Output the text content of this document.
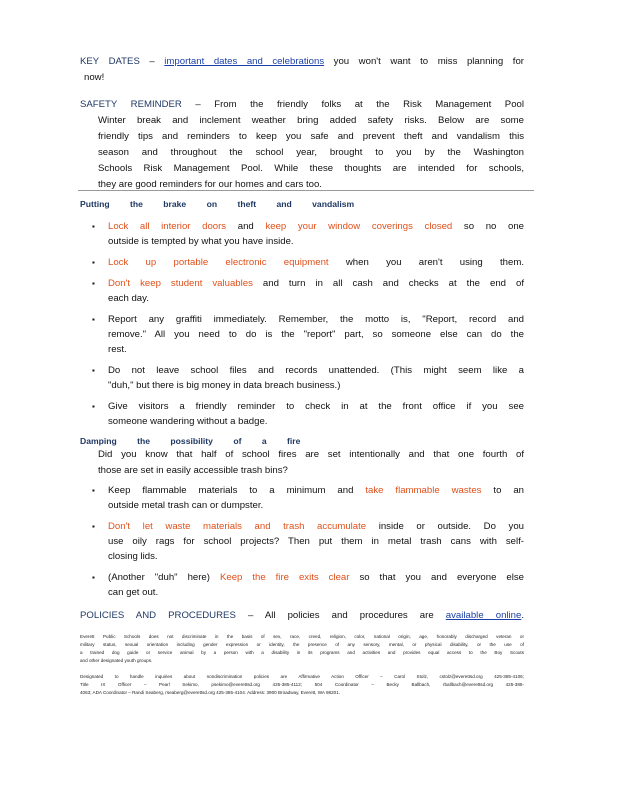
KEY DATES – important dates and celebrations you won't want to miss planning for
now!
SAFETY REMINDER – From the friendly folks at the Risk Management Pool
Winter break and inclement weather bring added safety risks. Below are some
friendly tips and reminders to keep you safe and prevent theft and vandalism this
season and throughout the school year, brought to you by the Washington
Schools Risk Management Pool. While these thoughts are intended for schools,
they are good reminders for our homes and cars too.
Putting the brake on theft and vandalism
▪ Lock all interior doors and keep your window coverings closed so no one
outside is tempted by what you have inside.
▪ Lock up portable electronic equipment when you aren't using them.
▪ Don't keep student valuables and turn in all cash and checks at the end of
each day.
▪ Report any graffiti immediately. Remember, the motto is, "Report, record and
remove." All you need to do is the "report" part, so someone else can do the
rest.
▪ Do not leave school files and records unattended. (This might seem like a
"duh," but there is big money in data breach business.)
▪ Give visitors a friendly reminder to check in at the front office if you see
someone wandering without a badge.
Damping the possibility of a fire
Did you know that half of school fires are set intentionally and that one fourth of
those are set in easily accessible trash bins?
▪ Keep flammable materials to a minimum and take flammable wastes to an
outside metal trash can or dumpster.
▪ Don't let waste materials and trash accumulate inside or outside. Do you
use oily rags for school projects? Then put them in metal trash cans with self-
closing lids.
▪ (Another "duh" here) Keep the fire exits clear so that you and everyone else
can get out.
POLICIES AND PROCEDURES – All policies and procedures are available online.
Everett Public Schools does not discriminate in the basis of sex, race, creed, religion, color, national origin, age, honorably discharged veteran or
military status, sexual orientation including gender expression or identity, the presence of any sensory, mental, or physical disability, or the use of
a trained dog guide or service animal by a person with a disability in its programs and activities and provides equal access to the Boy Scouts
and other designated youth groups.
Designated to handle inquiries about nondiscrimination policies are Affirmative Action Officer – Carol Stolz, cstolz@everettsd.org 425-385-4106;
Title IX Officer – Pearl Sekimo, psekimo@everettsd.org 425-385-4112; 504 Coordinator – Becky Ballbach, rballbach@everettsd.org 425-385-
4063; ADA Coordinator – Randi Seaberg, rseaberg@everettsd.org 425-385-4104. Address: 3900 Broadway, Everett, WA 98201.
